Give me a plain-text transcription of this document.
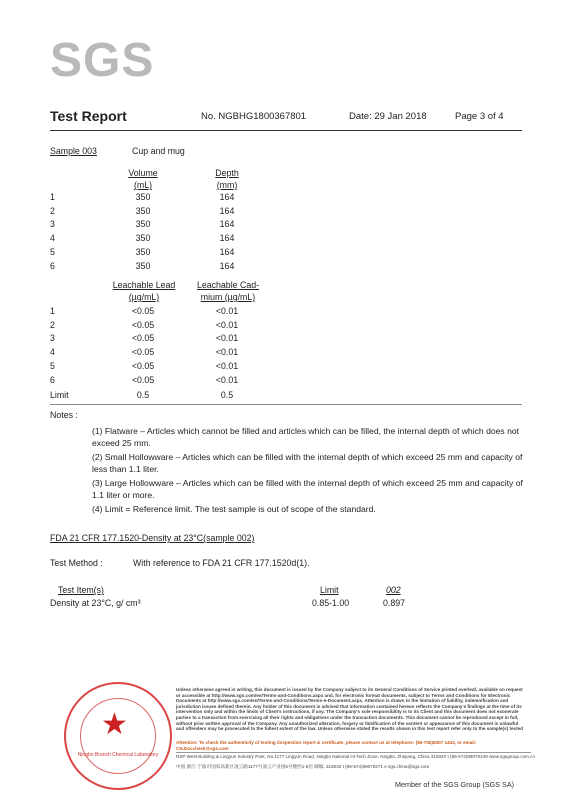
SGS
Test Report	No. NGBHG1800367801	Date: 29 Jan 2018	Page 3 of 4
Sample 003	Cup and mug
Volume
(mL)
Depth
(mm)
1	350	164
2	350	164
3	350	164
4	350	164
5	350	164
6	350	164
Leachable Lead
(µg/mL)
Leachable Cad-
mium (µg/mL)
1	<0.05	<0.01
2	<0.05	<0.01
3	<0.05	<0.01
4	<0.05	<0.01
5	<0.05	<0.01
6	<0.05	<0.01
Limit	0.5	0.5
Notes :
(1) Flatware – Articles which cannot be filled and articles which can be filled, the internal depth of which does not exceed 25 mm.
(2) Small Hollowware – Articles which can be filled with the internal depth of which exceed 25 mm and capacity of less than 1.1 liter.
(3) Large Hollowware – Articles which can be filled with the internal depth of which exceed 25 mm and capacity of 1.1 liter or more.
(4) Limit = Reference limit. The test sample is out of scope of the standard.
FDA 21 CFR 177.1520-Density at 23°C(sample 002)
Test Method :	With reference to FDA 21 CFR 177.1520d(1).
Test Item(s)	Limit	002
Density at 23°C, g/ cm³	0.85-1.00	0.897
★
Ningbo Branch Chemical Laboratory
Unless otherwise agreed in writing, this document is issued by the Company subject to its General Conditions of Service printed overleaf, available on request or accessible at http://www.sgs.com/en/Terms-and-Conditions.aspx and, for electronic format documents, subject to Terms and Conditions for Electronic Documents at http://www.sgs.com/en/Terms-and-Conditions/Terms-e-Document.aspx. Attention is drawn to the limitation of liability, indemnification and jurisdiction issues defined therein. Any holder of this document is advised that information contained hereon reflects the Company's findings at the time of its intervention only and within the limits of Client's instructions, if any. The Company's sole responsibility is to its Client and this document does not exonerate parties to a transaction from exercising all their rights and obligations under the transaction documents. This document cannot be reproduced except in full, without prior written approval of the Company. Any unauthorized alteration, forgery or falsification of the content or appearance of this document is unlawful and offenders may be prosecuted to the fullest extent of the law. Unless otherwise stated the results shown in this test report refer only to the sample(s) tested
Attention: To check the authenticity of testing /inspection report & certificate, please contact us at telephone: (86-755)8307 1443, or email: CN.Doccheck@sgs.com
NSP West Building & Lingyun Industry Park, No.1177 Lingyun Road, Ningbo National Hi-Tech Zone, Ningbo, Zhejiang, China 315040 t (86-574)89070249 www.sgsgroup.com.cn
中国·浙江·宁波市国家高新区凌云路1177号凌云产业园6号楼西1-5层 邮编: 315040 t (86-574)89070271 e sgs.china@sgs.com
Member of the SGS Group (SGS SA)
